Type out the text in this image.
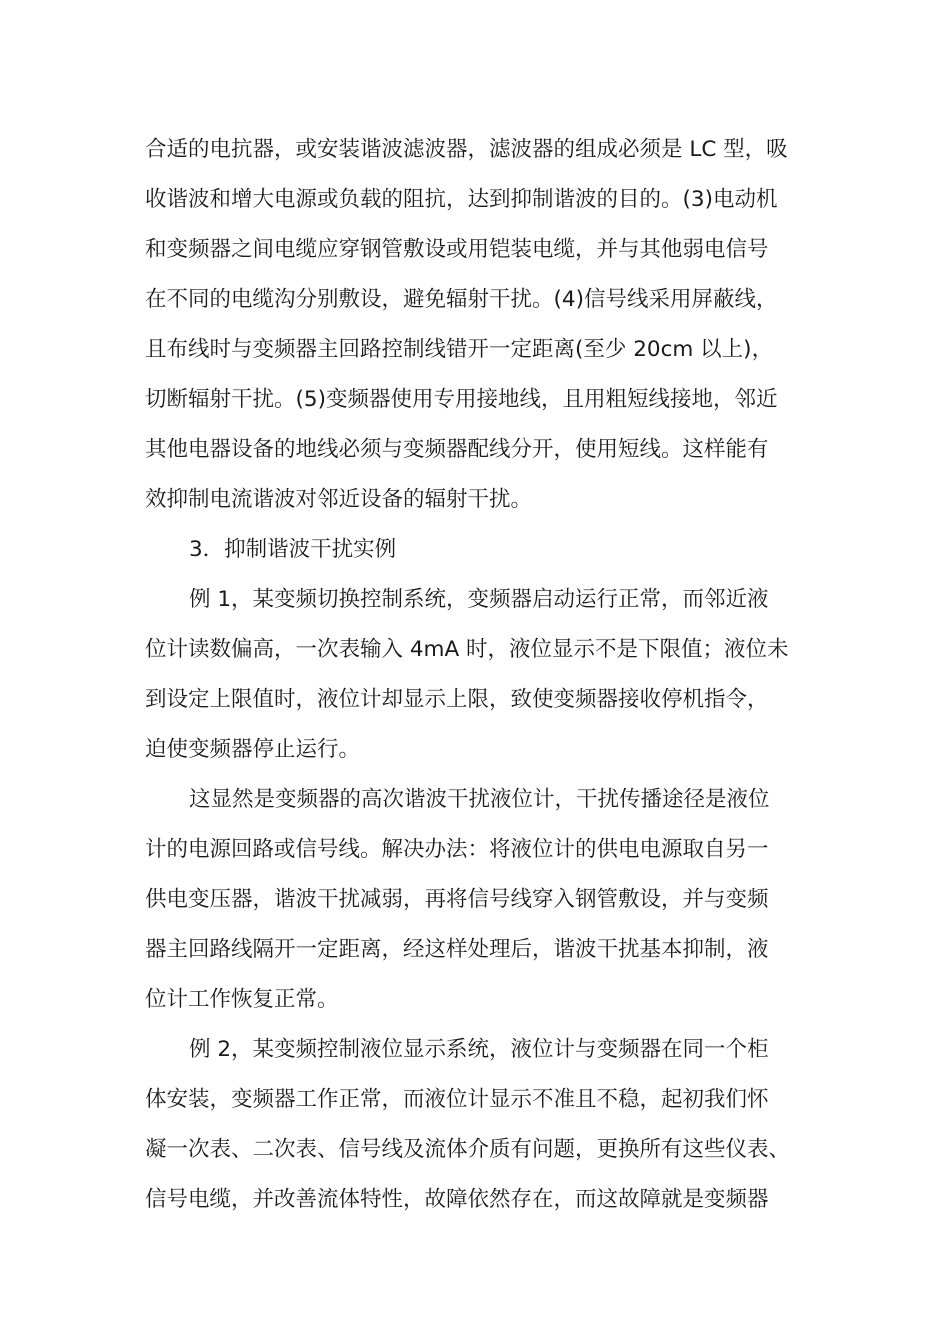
合适的电抗器，或安装谐波滤波器，滤波器的组成必须是 LC 型，吸
收谐波和增大电源或负载的阻抗，达到抑制谐波的目的。(3)电动机
和变频器之间电缆应穿钢管敷设或用铠装电缆，并与其他弱电信号
在不同的电缆沟分别敷设，避免辐射干扰。(4)信号线采用屏蔽线，
且布线时与变频器主回路控制线错开一定距离(至少 20cm 以上)，
切断辐射干扰。(5)变频器使用专用接地线，且用粗短线接地，邻近
其他电器设备的地线必须与变频器配线分开，使用短线。这样能有
效抑制电流谐波对邻近设备的辐射干扰。
3．抑制谐波干扰实例
例 1，某变频切换控制系统，变频器启动运行正常，而邻近液
位计读数偏高，一次表输入 4mA 时，液位显示不是下限值；液位未
到设定上限值时，液位计却显示上限，致使变频器接收停机指令，
迫使变频器停止运行。
这显然是变频器的高次谐波干扰液位计，干扰传播途径是液位
计的电源回路或信号线。解决办法：将液位计的供电电源取自另一
供电变压器，谐波干扰减弱，再将信号线穿入钢管敷设，并与变频
器主回路线隔开一定距离，经这样处理后，谐波干扰基本抑制，液
位计工作恢复正常。
例 2，某变频控制液位显示系统，液位计与变频器在同一个柜
体安装，变频器工作正常，而液位计显示不准且不稳，起初我们怀
凝一次表、二次表、信号线及流体介质有问题，更换所有这些仪表、
信号电缆，并改善流体特性，故障依然存在，而这故障就是变频器
